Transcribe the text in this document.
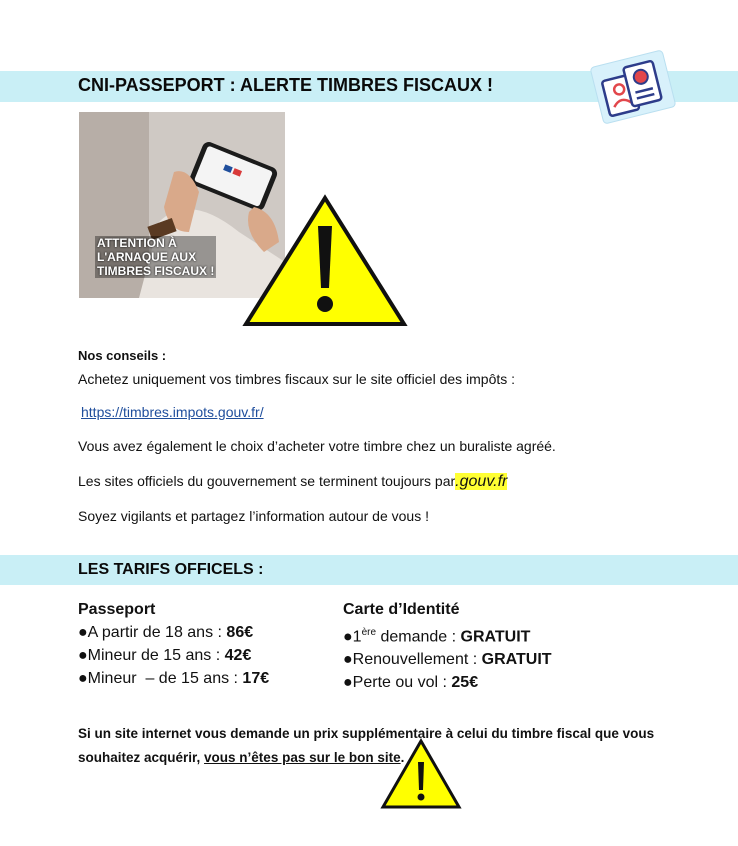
CNI-PASSEPORT : ALERTE TIMBRES FISCAUX !
ATTENTION À
L'ARNAQUE AUX
TIMBRES FISCAUX !
Nos conseils :
Achetez uniquement vos timbres fiscaux sur le site officiel des impôts :
https://timbres.impots.gouv.fr/
Vous avez également le choix d’acheter votre timbre chez un buraliste agréé.
Les sites officiels du gouvernement se terminent toujours par.gouv.fr
Soyez vigilants et partagez l’information autour de vous !
LES TARIFS OFFICELS :
Passeport
●A partir de 18 ans : 86€
●Mineur de 15 ans : 42€
●Mineur  – de 15 ans : 17€
Carte d’Identité
●1ère demande : GRATUIT
●Renouvellement : GRATUIT
●Perte ou vol : 25€
Si un site internet vous demande un prix supplémentaire à celui du timbre fiscal que vous souhaitez acquérir, vous n’êtes pas sur le bon site.
